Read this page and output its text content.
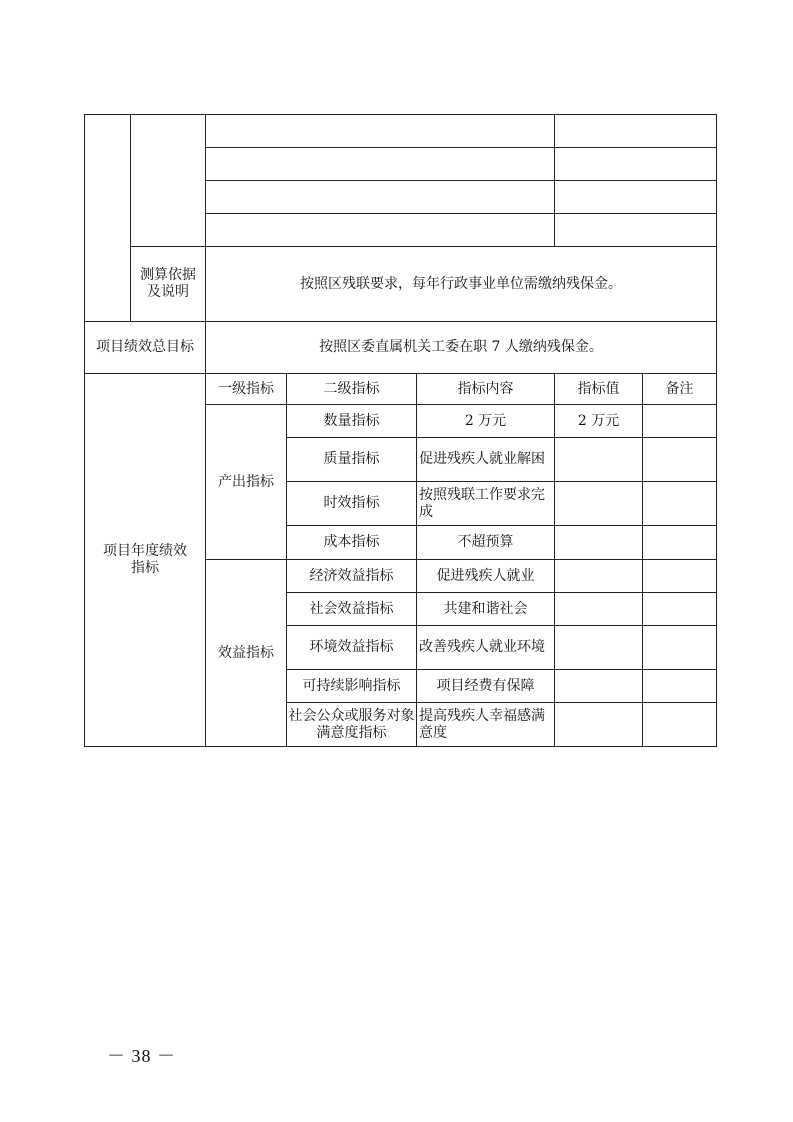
	测算依据及说明	按照区残联要求，每年行政事业单位需缴纳残保金。				
项目绩效总目标		按照区委直属机关工委在职 7 人缴纳残保金。				
项目年度绩效指标		一级指标	二级指标	指标内容	指标值	备注
		产出指标	数量指标	2 万元	2 万元	
			质量指标	促进残疾人就业解困		
			时效指标	按照残联工作要求完成		
			成本指标	不超预算		
		效益指标	经济效益指标	促进残疾人就业		
			社会效益指标	共建和谐社会		
			环境效益指标	改善残疾人就业环境		
			可持续影响指标	项目经费有保障		
			社会公众或服务对象满意度指标	提高残疾人幸福感满意度		
－ 38 －
